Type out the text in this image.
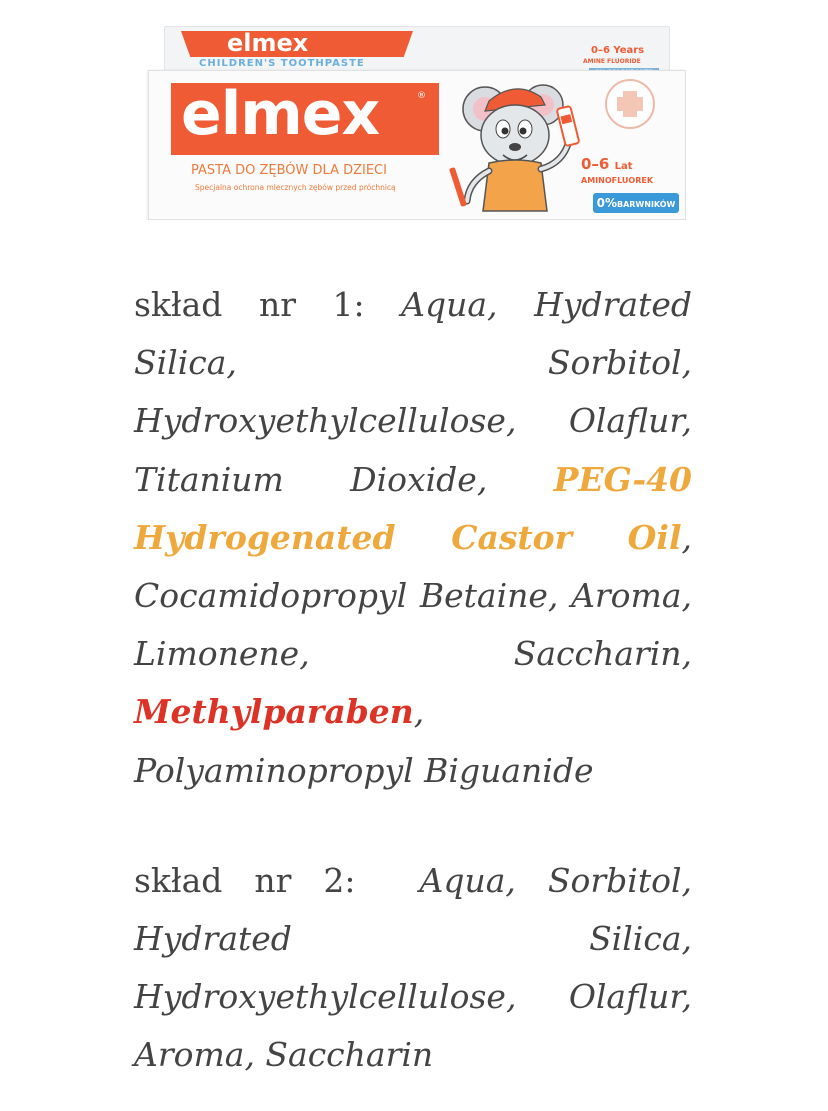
elmex
CHILDREN'S TOOTHPASTE
0–6 Years
AMINE FLUORIDE
elmex	®
PASTA DO ZĘBÓW DLA DZIECI
Specjalna ochrona mlecznych zębów przed próchnicą
0–6 Lat
AMINOFLUOREK
0%BARWNIKÓW

skład nr 1: Aqua, Hydrated Silica, Sorbitol, Hydroxyethylcellulose, Olaflur, Titanium Dioxide, PEG-40 Hydrogenated Castor Oil, Cocamidopropyl Betaine, Aroma, Limonene, Saccharin, Methylparaben, Polyaminopropyl Biguanide

skład nr 2: Aqua, Sorbitol, Hydrated Silica, Hydroxyethylcellulose, Olaflur, Aroma, Saccharin
